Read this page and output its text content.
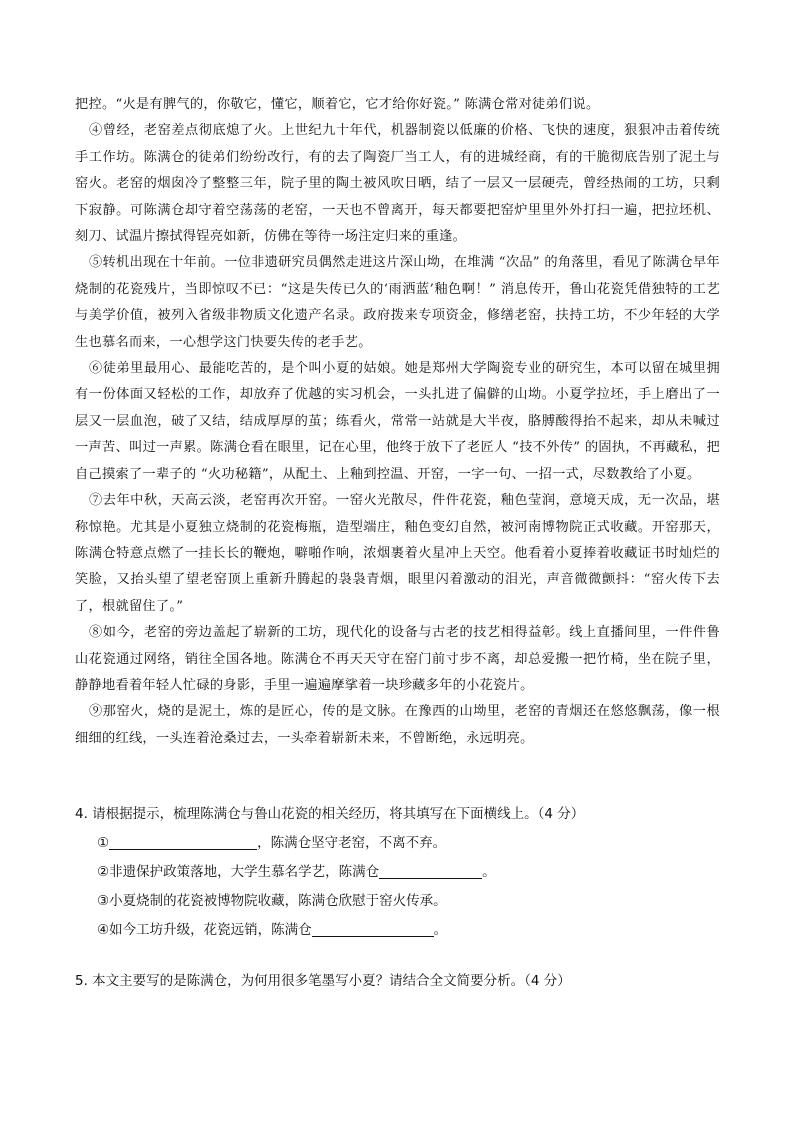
把控。“火是有脾气的，你敬它，懂它，顺着它，它才给你好瓷。” 陈满仓常对徒弟们说。

④曾经，老窑差点彻底熄了火。上世纪九十年代，机器制瓷以低廉的价格、飞快的速度，狠狠冲击着传统手工作坊。陈满仓的徒弟们纷纷改行，有的去了陶瓷厂当工人，有的进城经商，有的干脆彻底告别了泥土与窑火。老窑的烟囱冷了整整三年，院子里的陶土被风吹日晒，结了一层又一层硬壳，曾经热闹的工坊，只剩下寂静。可陈满仓却守着空荡荡的老窑，一天也不曾离开，每天都要把窑炉里里外外打扫一遍，把拉坯机、刻刀、试温片擦拭得锃亮如新，仿佛在等待一场注定归来的重逢。

⑤转机出现在十年前。一位非遗研究员偶然走进这片深山坳，在堆满 “次品” 的角落里，看见了陈满仓早年烧制的花瓷残片，当即惊叹不已：“这是失传已久的‘雨洒蓝’釉色啊！” 消息传开，鲁山花瓷凭借独特的工艺与美学价值，被列入省级非物质文化遗产名录。政府拨来专项资金，修缮老窑，扶持工坊，不少年轻的大学生也慕名而来，一心想学这门快要失传的老手艺。

⑥徒弟里最用心、最能吃苦的，是个叫小夏的姑娘。她是郑州大学陶瓷专业的研究生，本可以留在城里拥有一份体面又轻松的工作，却放弃了优越的实习机会，一头扎进了偏僻的山坳。小夏学拉坯，手上磨出了一层又一层血泡，破了又结，结成厚厚的茧；练看火，常常一站就是大半夜，胳膊酸得抬不起来，却从未喊过一声苦、叫过一声累。陈满仓看在眼里，记在心里，他终于放下了老匠人 “技不外传” 的固执，不再藏私，把自己摸索了一辈子的 “火功秘籍”，从配土、上釉到控温、开窑，一字一句、一招一式，尽数教给了小夏。

⑦去年中秋，天高云淡，老窑再次开窑。一窑火光散尽，件件花瓷，釉色莹润，意境天成，无一次品，堪称惊艳。尤其是小夏独立烧制的花瓷梅瓶，造型端庄，釉色变幻自然，被河南博物院正式收藏。开窑那天，陈满仓特意点燃了一挂长长的鞭炮，噼啪作响，浓烟裹着火星冲上天空。他看着小夏捧着收藏证书时灿烂的笑脸，又抬头望了望老窑顶上重新升腾起的袅袅青烟，眼里闪着激动的泪光，声音微微颤抖：“窑火传下去了，根就留住了。”

⑧如今，老窑的旁边盖起了崭新的工坊，现代化的设备与古老的技艺相得益彰。线上直播间里，一件件鲁山花瓷通过网络，销往全国各地。陈满仓不再天天守在窑门前寸步不离，却总爱搬一把竹椅，坐在院子里，静静地看着年轻人忙碌的身影，手里一遍遍摩挲着一块珍藏多年的小花瓷片。

⑨那窑火，烧的是泥土，炼的是匠心，传的是文脉。在豫西的山坳里，老窑的青烟还在悠悠飘荡，像一根细细的红线，一头连着沧桑过去，一头牵着崭新未来，不曾断绝，永远明亮。

4. 请根据提示，梳理陈满仓与鲁山花瓷的相关经历，将其填写在下面横线上。（4 分）

①	，陈满仓坚守老窑，不离不弃。

②非遗保护政策落地，大学生慕名学艺，陈满仓	。

③小夏烧制的花瓷被博物院收藏，陈满仓欣慰于窑火传承。

④如今工坊升级，花瓷远销，陈满仓	。

5. 本文主要写的是陈满仓，为何用很多笔墨写小夏？请结合全文简要分析。（4 分）
